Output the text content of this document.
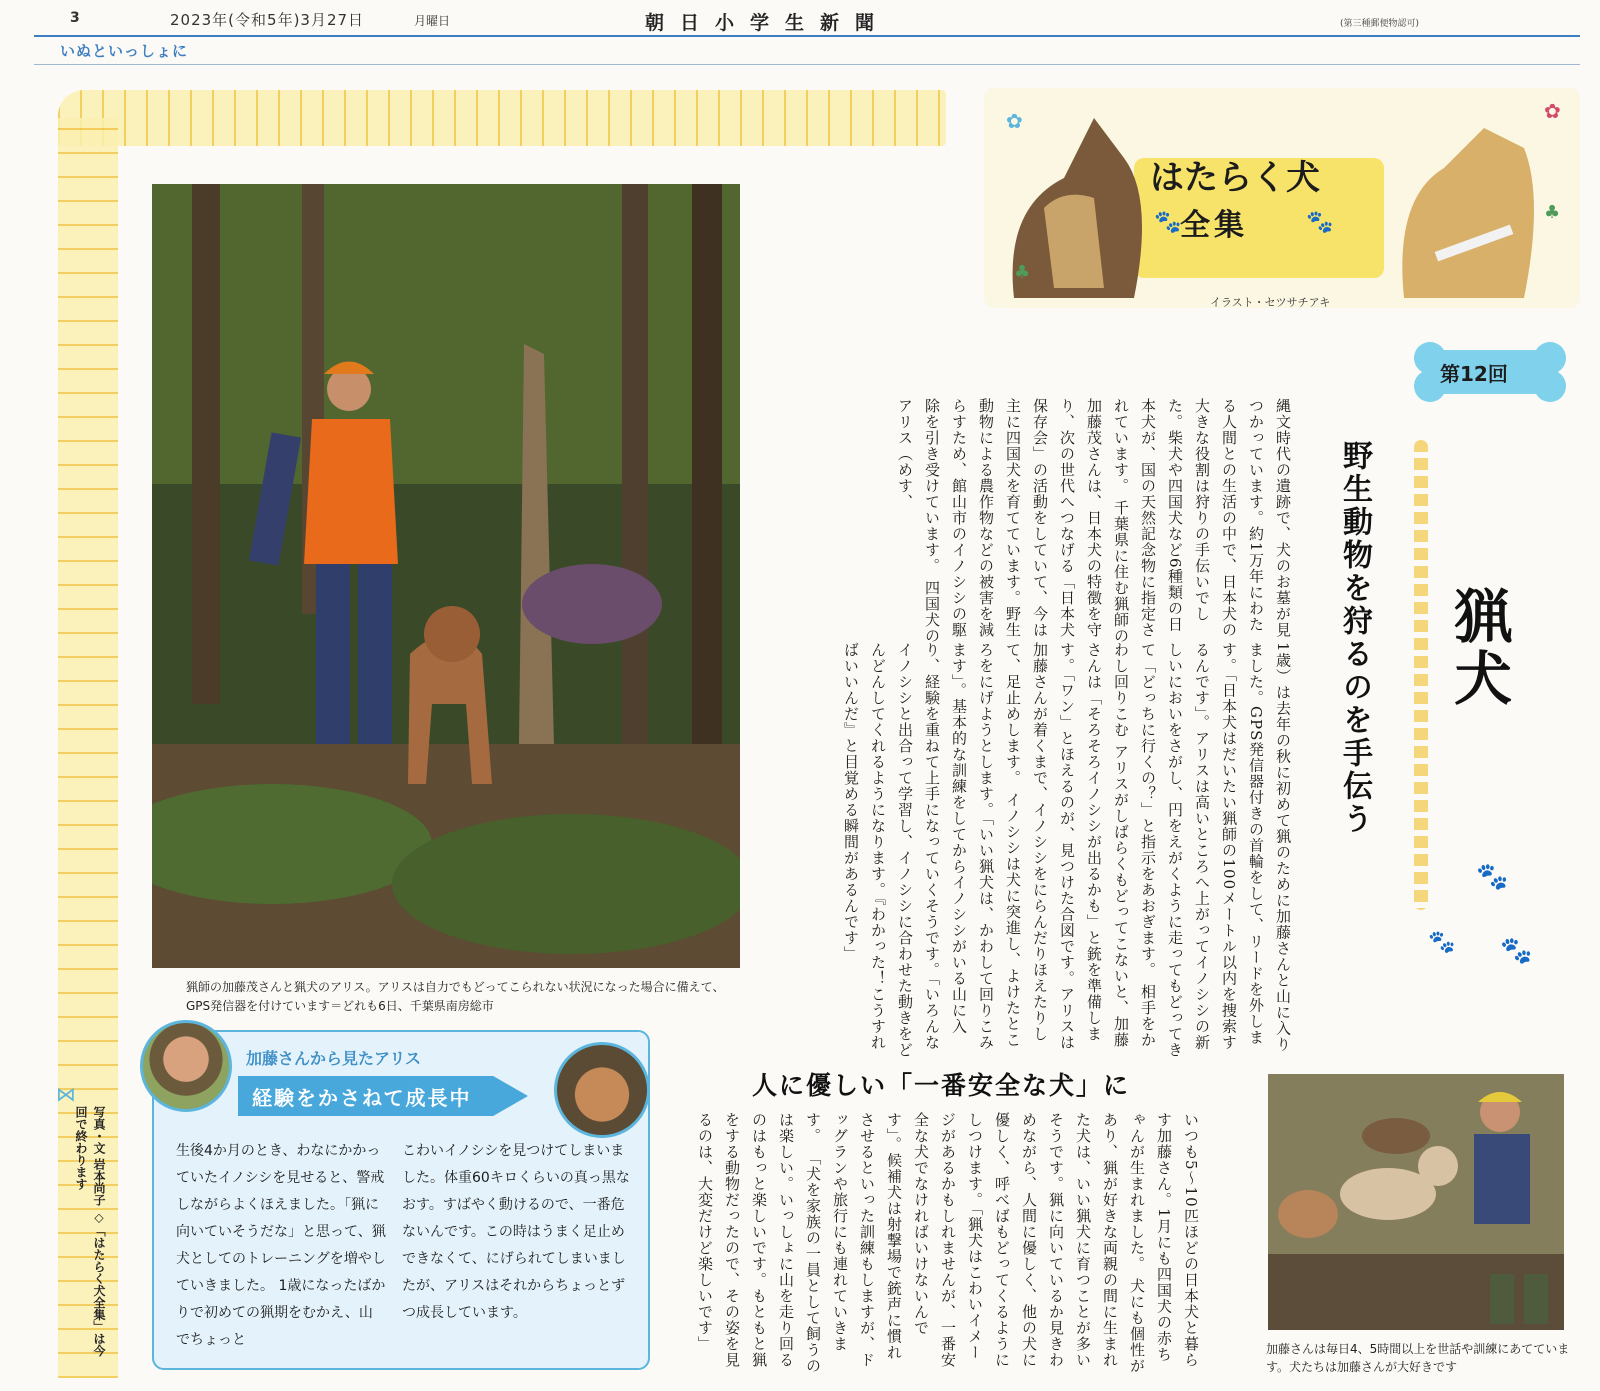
3	2023年(令和5年)3月27日	月曜日	朝日小学生新聞	(第三種郵便物認可)
いぬといっしょに
⋈
写真・文 岩本尚子 ◇「はたらく犬全集」は今回で終わります
猟師の加藤茂さんと猟犬のアリス。アリスは自力でもどってこられない状況になった場合に備えて、GPS発信器を付けています＝どれも6日、千葉県南房総市
✿	✿
♣
♣
はたらく犬
全集
🐾	🐾
イラスト・セツサチアキ
第12回
猟犬
🐾
🐾 🐾
野生動物を狩るのを手伝う
人に優しい「一番安全な犬」に
縄文時代の遺跡で、犬のお墓が見つかっています。約1万年にわたる人間との生活の中で、日本犬の大きな役割は狩りの手伝いでした。柴犬や四国犬など6種類の日本犬が、国の天然記念物に指定されています。 千葉県に住む猟師の加藤茂さんは、日本犬の特徴を守り、次の世代へつなげる「日本犬保存会」の活動をしていて、今は主に四国犬を育てています。野生動物による農作物などの被害を減らすため、館山市のイノシシの駆除を引き受けています。 四国犬のアリス（めす、
1歳）は去年の秋に初めて猟のために加藤さんと山に入りました。GPS発信器付きの首輪をして、リードを外します。「日本犬はだいたい猟師の100メートル以内を捜索するんです」。アリスは高いところへ上がってイノシシの新しいにおいをさがし、円をえがくように走ってもどってきて「どっちに行くの？」と指示をあおぎます。 相手をかわし回りこむ アリスがしばらくもどってこないと、加藤さんは「そろそろイノシシが出るかも」と銃を準備します。「ワン」とほえるのが、見つけた合図です。アリスは加藤さんが着くまで、イノシシをにらんだりほえたりして、足止めします。 イノシシは犬に突進し、よけたところをにげようとします。「いい猟犬は、かわして回りこみます」。基本的な訓練をしてからイノシシがいる山に入り、経験を重ねて上手になっていくそうです。「いろんなイノシシと出合って学習し、イノシシに合わせた動きをどんどんしてくれるようになります。『わかった！こうすればいいんだ』と目覚める瞬間があるんです」
いつも5～10匹ほどの日本犬と暮らす加藤さん。1月にも四国犬の赤ちゃんが生まれました。 犬にも個性があり、猟が好きな両親の間に生まれた犬は、いい猟犬に育つことが多いそうです。猟に向いているか見きわめながら、人間に優しく、他の犬に優しく、呼べばもどってくるようにしつけます。「猟犬はこわいイメージがあるかもしれませんが、一番安全な犬でなければいけないんです」。候補犬は射撃場で銃声に慣れさせるといった訓練もしますが、ドッグランや旅行にも連れていきます。 「犬を家族の一員として飼うのは楽しい。いっしょに山を走り回るのはもっと楽しいです。もともと猟をする動物だったので、その姿を見るのは、大変だけど楽しいです」	加藤さんは毎日4、5時間以上を世話や訓練にあてています。犬たちは加藤さんが大好きです
加藤さんから見たアリス
経験をかさねて成長中
生後4か月のとき、わなにかかっていたイノシシを見せると、警戒しながらよくほえました。「猟に向いていそうだな」と思って、猟犬としてのトレーニングを増やしていきました。 1歳になったばかりで初めての猟期をむかえ、山でちょっと
こわいイノシシを見つけてしまいました。体重60キロくらいの真っ黒なおす。すばやく動けるので、一番危ないんです。この時はうまく足止めできなくて、にげられてしまいましたが、アリスはそれからちょっとずつ成長しています。
